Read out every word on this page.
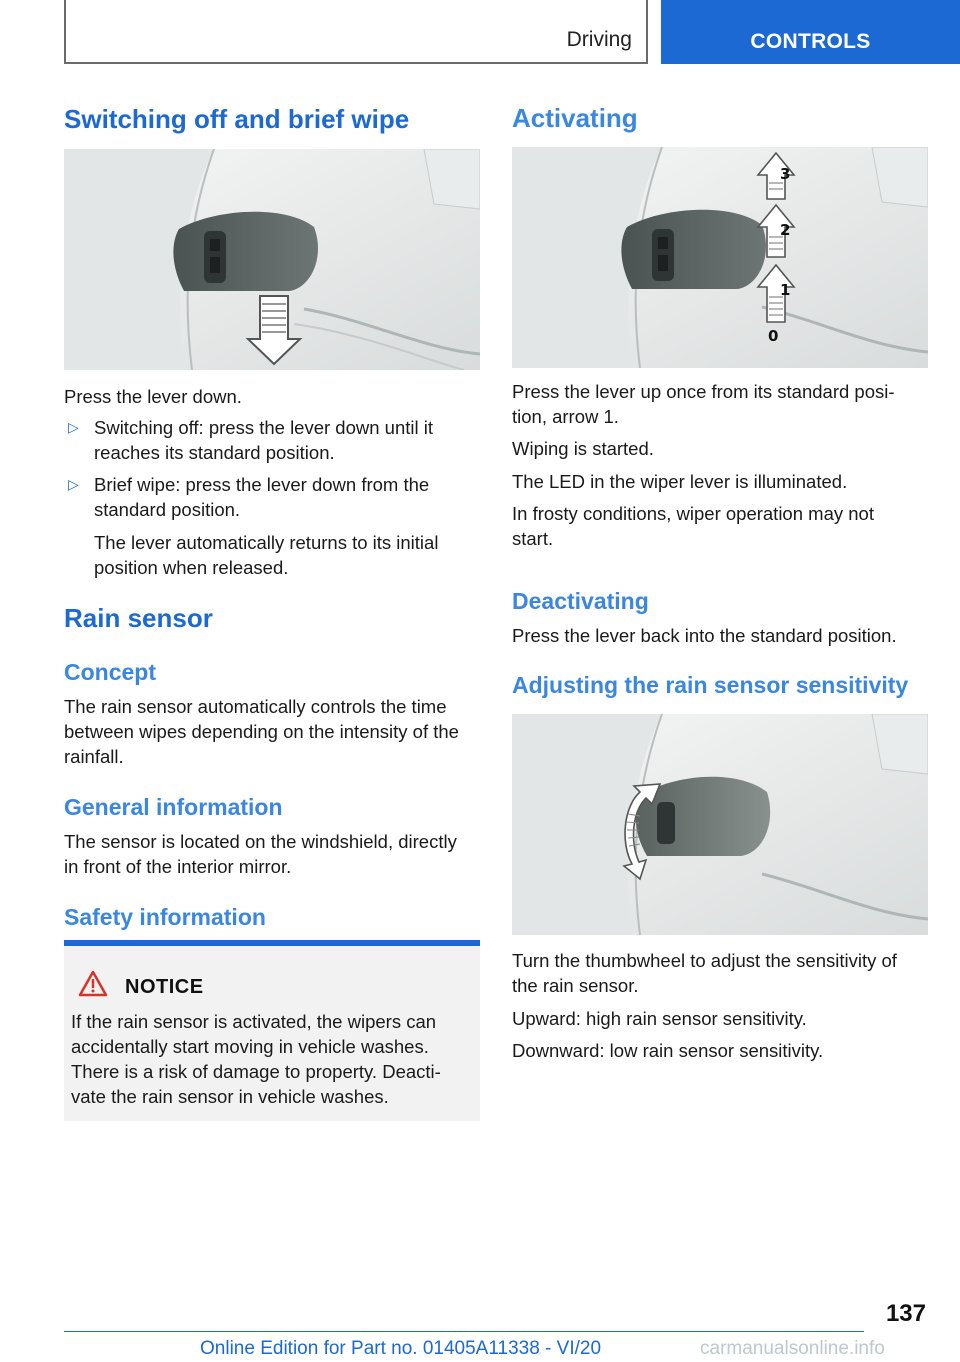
Driving	CONTROLS
Switching off and brief wipe

Press the lever down.

▷ Switching off: press the lever down until it

reaches its standard position.

▷ Brief wipe: press the lever down from the

standard position.

The lever automatically returns to its initial

position when released.

Rain sensor
Concept

The rain sensor automatically controls the time

between wipes depending on the intensity of the

rainfall.

General information

The sensor is located on the windshield, directly

in front of the interior mirror.

Safety information
NOTICE

If the rain sensor is activated, the wipers can

accidentally start moving in vehicle washes.

There is a risk of damage to property. Deacti-

vate the rain sensor in vehicle washes.

Activating
3
2
1
0

Press the lever up once from its standard posi-

tion, arrow 1.

Wiping is started.

The LED in the wiper lever is illuminated.

In frosty conditions, wiper operation may not

start.

Deactivating

Press the lever back into the standard position.

Adjusting the rain sensor sensitivity

Turn the thumbwheel to adjust the sensitivity of

the rain sensor.

Upward: high rain sensor sensitivity.

Downward: low rain sensor sensitivity.

137
Online Edition for Part no. 01405A11338 - VI/20	carmanualsonline.info
